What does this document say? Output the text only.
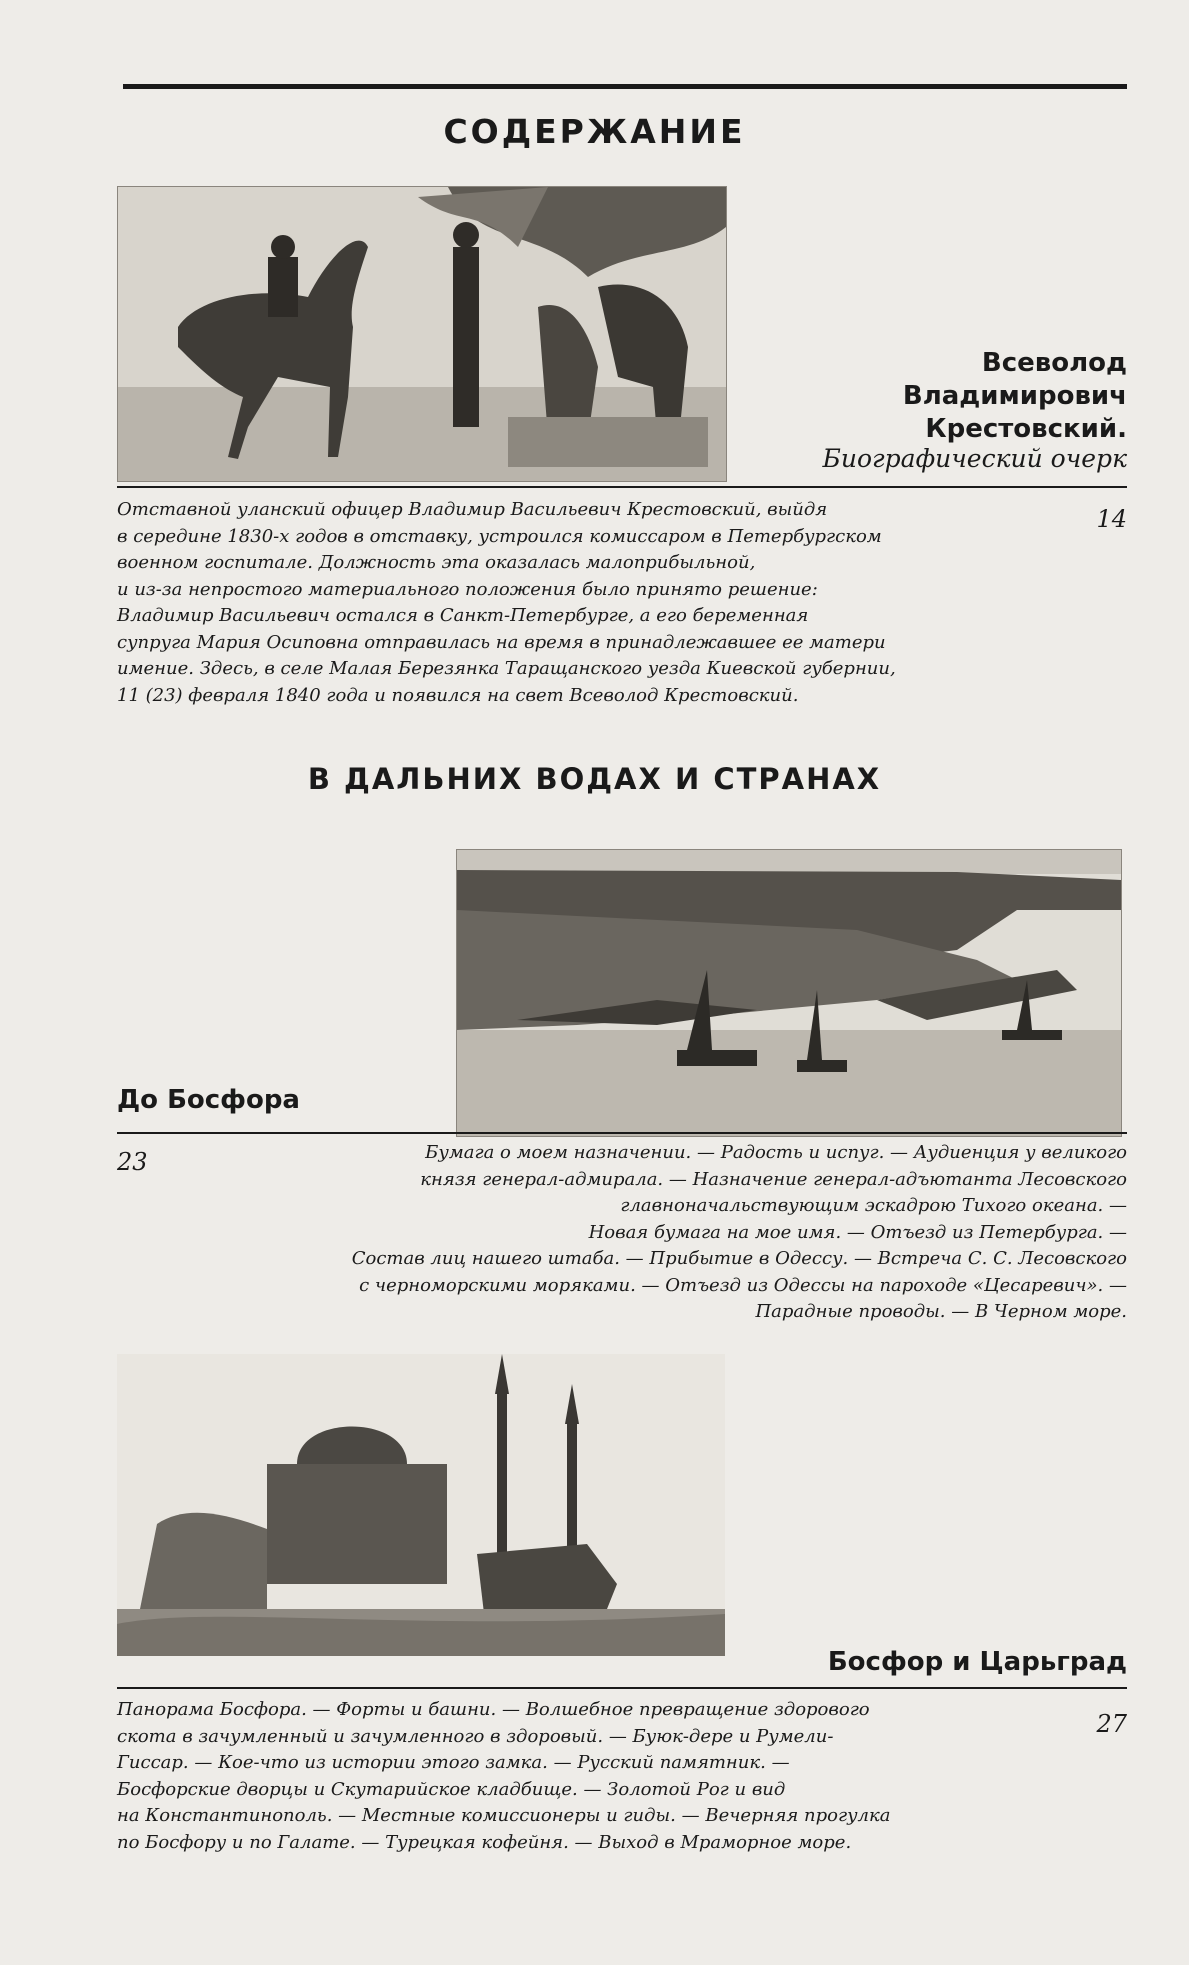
СОДЕРЖАНИЕ
Всеволод
Владимирович
Крестовский.
Биографический очерк
Отставной уланский офицер Владимир Васильевич Крестовский, выйдя
в середине 1830-х годов в отставку, устроился комиссаром в Петербургском
военном госпитале. Должность эта оказалась малоприбыльной,
и из-за непростого материального положения было принято решение:
Владимир Васильевич остался в Санкт-Петербурге, а его беременная
супруга Мария Осиповна отправилась на время в принадлежавшее ее матери
имение. Здесь, в селе Малая Березянка Таращанского уезда Киевской губернии,
11 (23) февраля 1840 года и появился на свет Всеволод Крестовский.
14
В ДАЛЬНИХ ВОДАХ И СТРАНАХ
До Босфора
23	Бумага о моем назначении. — Радость и испуг. — Аудиенция у великого
князя генерал-адмирала. — Назначение генерал-адъютанта Лесовского
главноначальствующим эскадрою Тихого океана. —
Новая бумага на мое имя. — Отъезд из Петербурга. —
Состав лиц нашего штаба. — Прибытие в Одессу. — Встреча С. С. Лесовского
с черноморскими моряками. — Отъезд из Одессы на пароходе «Цесаревич». —
Парадные проводы. — В Черном море.
Босфор и Царьград
Панорама Босфора. — Форты и башни. — Волшебное превращение здорового
скота в зачумленный и зачумленного в здоровый. — Буюк-дере и Румели-
Гиссар. — Кое-что из истории этого замка. — Русский памятник. —
Босфорские дворцы и Скутарийское кладбище. — Золотой Рог и вид
на Константинополь. — Местные комиссионеры и гиды. — Вечерняя прогулка
по Босфору и по Галате. — Турецкая кофейня. — Выход в Мраморное море.
27
